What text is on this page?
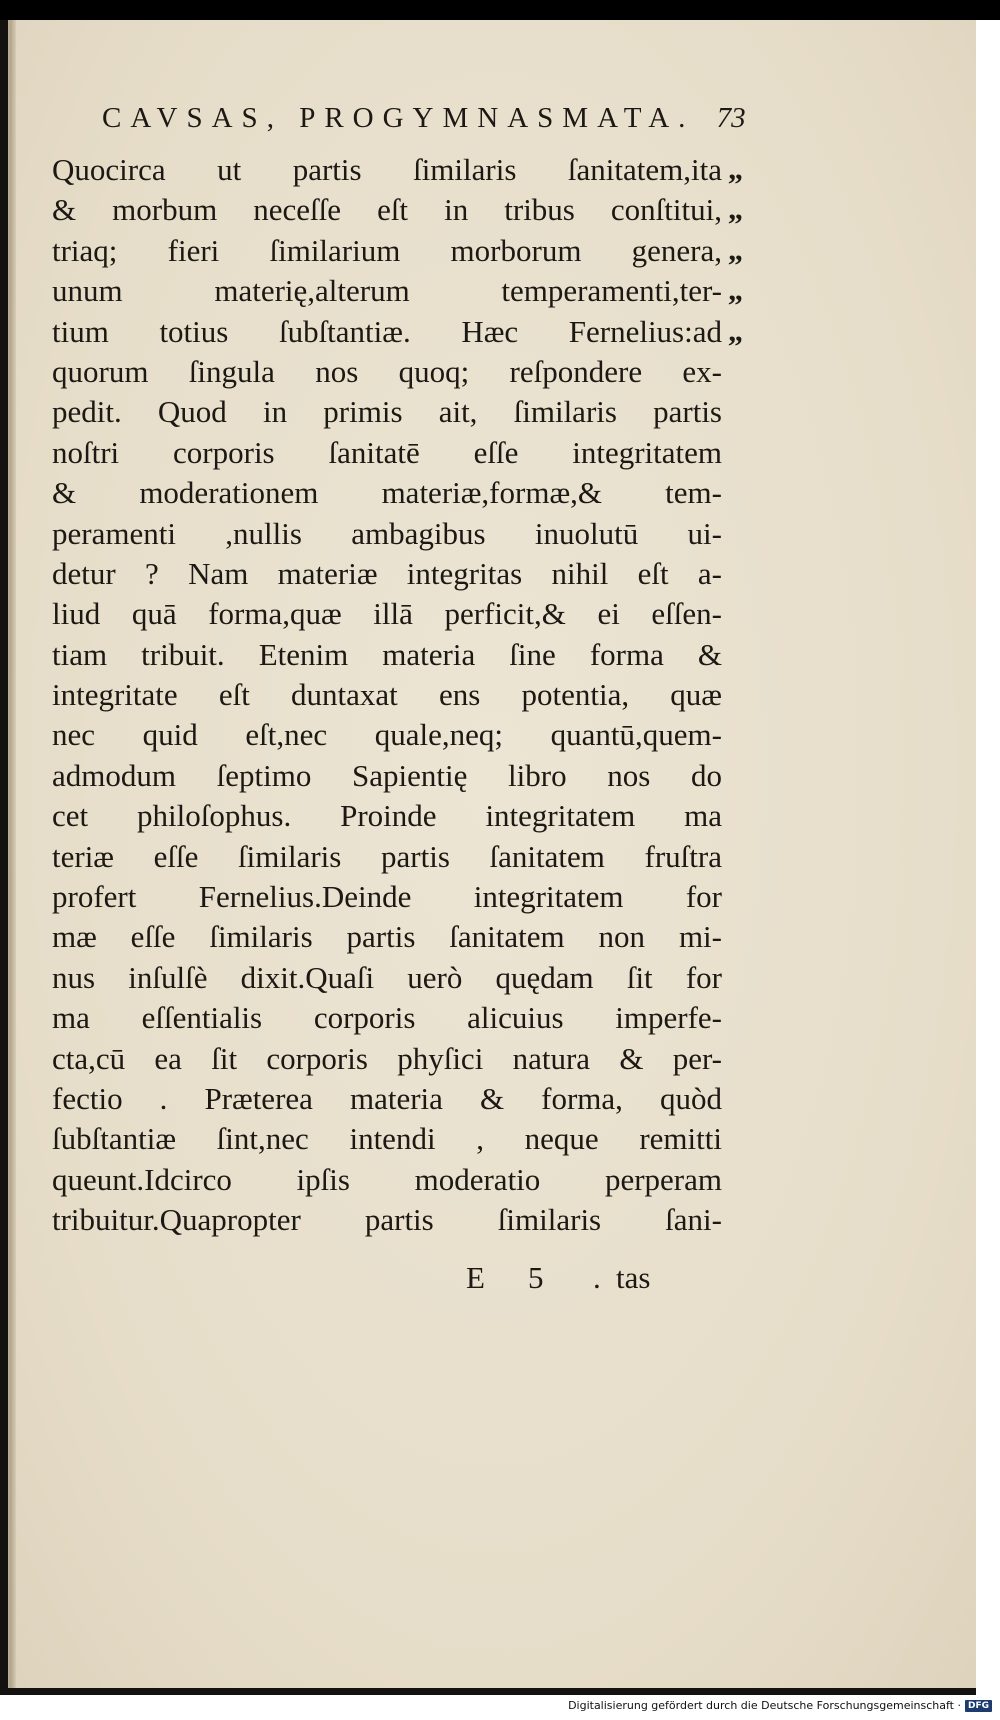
CAVSAS, PROGYMNASMATA. 73
Quocirca ut partis ſimilaris ſanitatem,ita
& morbum neceſſe eſt in tribus conſtitui,
triaq; fieri ſimilarium morborum genera,
unum materię,alterum temperamenti,ter-
tium totius ſubſtantiæ. Hæc Fernelius:ad
quorum ſingula nos quoq; reſpondere ex-
pedit. Quod in primis ait, ſimilaris partis
noſtri corporis ſanitatē eſſe integritatem
& moderationem materiæ,formæ,& tem-
peramenti ,nullis ambagibus inuolutū ui-
detur ? Nam materiæ integritas nihil eſt a-
liud quā forma,quæ illā perficit,& ei eſſen-
tiam tribuit. Etenim materia ſine forma &
integritate eſt duntaxat ens potentia, quæ
nec quid eſt,nec quale,neq; quantū,quem-
admodum ſeptimo Sapientię libro nos do
cet philoſophus. Proinde integritatem ma
teriæ eſſe ſimilaris partis ſanitatem fruſtra
profert Fernelius.Deinde integritatem for
mæ eſſe ſimilaris partis ſanitatem non mi-
nus inſulſè dixit.Quaſi uerò quędam ſit for
ma eſſentialis corporis alicuius imperfe-
cta,cū ea ſit corporis phyſici natura & per-
fectio . Præterea materia & forma, quòd
ſubſtantiæ ſint,nec intendi , neque remitti
queunt.Idcirco ipſis moderatio perperam
tribuitur.Quapropter partis ſimilaris ſani-
„
„
„
„
„
E 5 . tas
Digitalisierung gefördert durch die Deutsche Forschungsgemeinschaft · DFG
